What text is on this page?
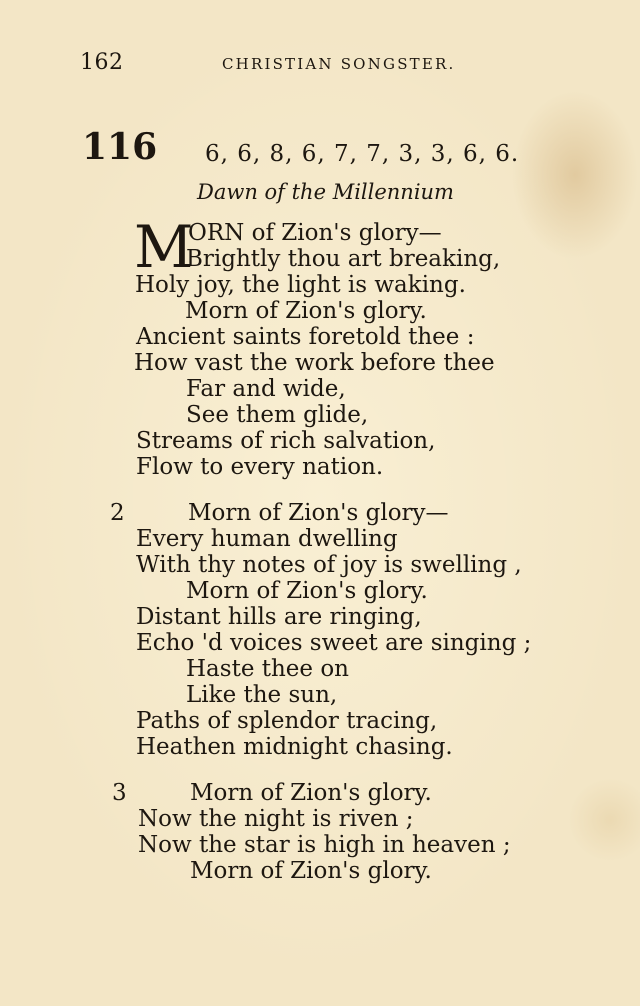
162	CHRISTIAN SONGSTER.
116 6, 6, 8, 6, 7, 7, 3, 3, 6, 6.
Dawn of the Millennium
M
ORN of Zion's glory—
Brightly thou art breaking,
Holy joy, the light is waking.
Morn of Zion's glory.
Ancient saints foretold thee :
How vast the work before thee
Far and wide,
See them glide,
Streams of rich salvation,
Flow to every nation.
2	Morn of Zion's glory—
Every human dwelling
With thy notes of joy is swelling ,
Morn of Zion's glory.
Distant hills are ringing,
Echo 'd voices sweet are singing ;
Haste thee on
Like the sun,
Paths of splendor tracing,
Heathen midnight chasing.
3	Morn of Zion's glory.
Now the night is riven ;
Now the star is high in heaven ;
Morn of Zion's glory.
